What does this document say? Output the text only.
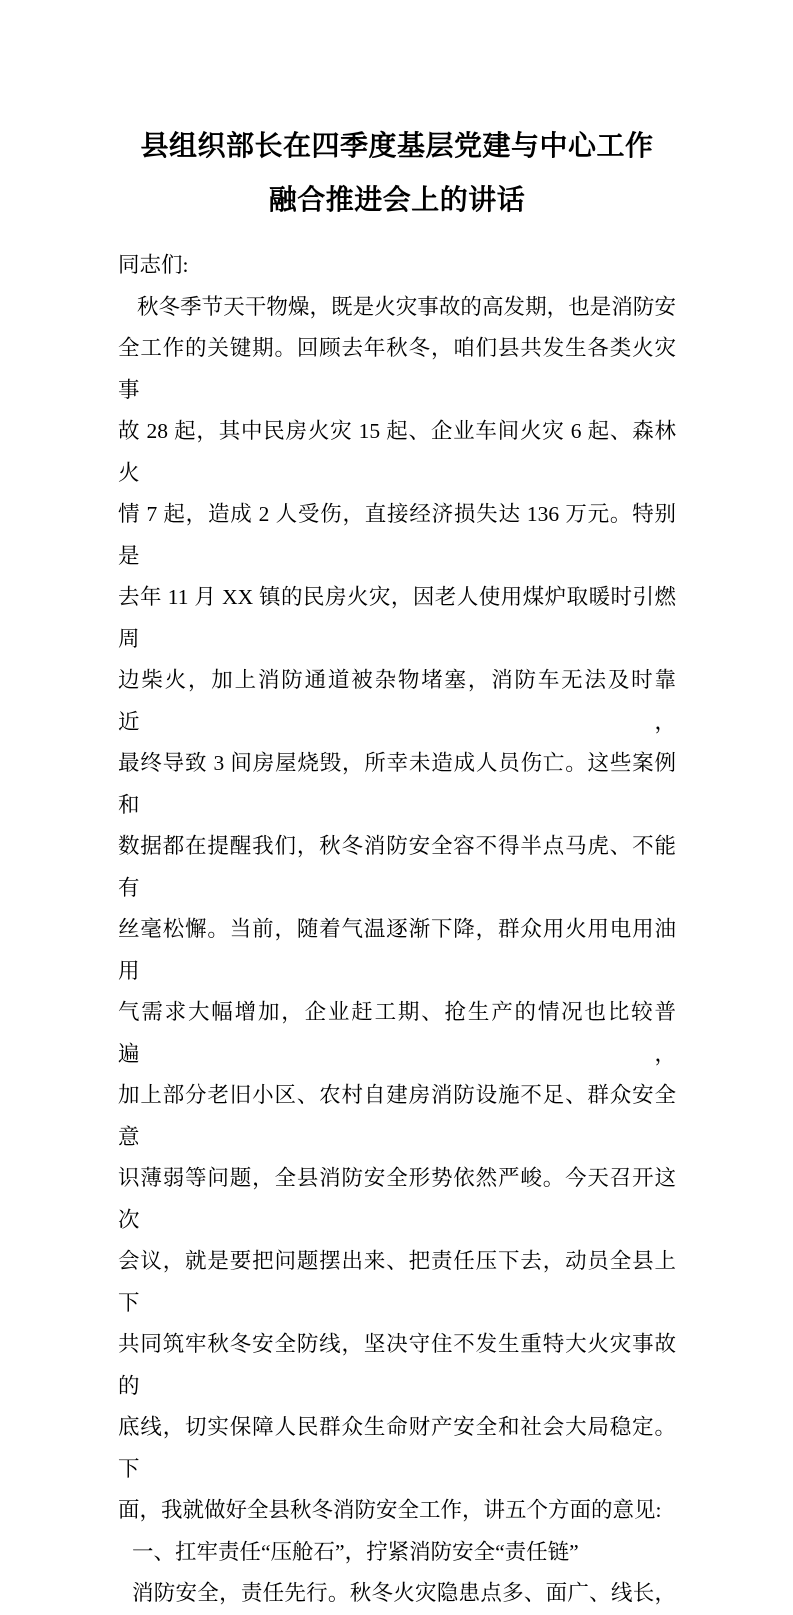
县组织部长在四季度基层党建与中心工作
融合推进会上的讲话
同志们:
秋冬季节天干物燥，既是火灾事故的高发期，也是消防安
全工作的关键期。回顾去年秋冬，咱们县共发生各类火灾事
故 28 起，其中民房火灾 15 起、企业车间火灾 6 起、森林火
情 7 起，造成 2 人受伤，直接经济损失达 136 万元。特别是
去年 11 月 XX 镇的民房火灾，因老人使用煤炉取暖时引燃周
边柴火，加上消防通道被杂物堵塞，消防车无法及时靠近，
最终导致 3 间房屋烧毁，所幸未造成人员伤亡。这些案例和
数据都在提醒我们，秋冬消防安全容不得半点马虎、不能有
丝毫松懈。当前，随着气温逐渐下降，群众用火用电用油用
气需求大幅增加，企业赶工期、抢生产的情况也比较普遍，
加上部分老旧小区、农村自建房消防设施不足、群众安全意
识薄弱等问题，全县消防安全形势依然严峻。今天召开这次
会议，就是要把问题摆出来、把责任压下去，动员全县上下
共同筑牢秋冬安全防线，坚决守住不发生重特大火灾事故的
底线，切实保障人民群众生命财产安全和社会大局稳定。下
面，我就做好全县秋冬消防安全工作，讲五个方面的意见:
一、扛牢责任“压舱石”，拧紧消防安全“责任链”
消防安全，责任先行。秋冬火灾隐患点多、面广、线长，
